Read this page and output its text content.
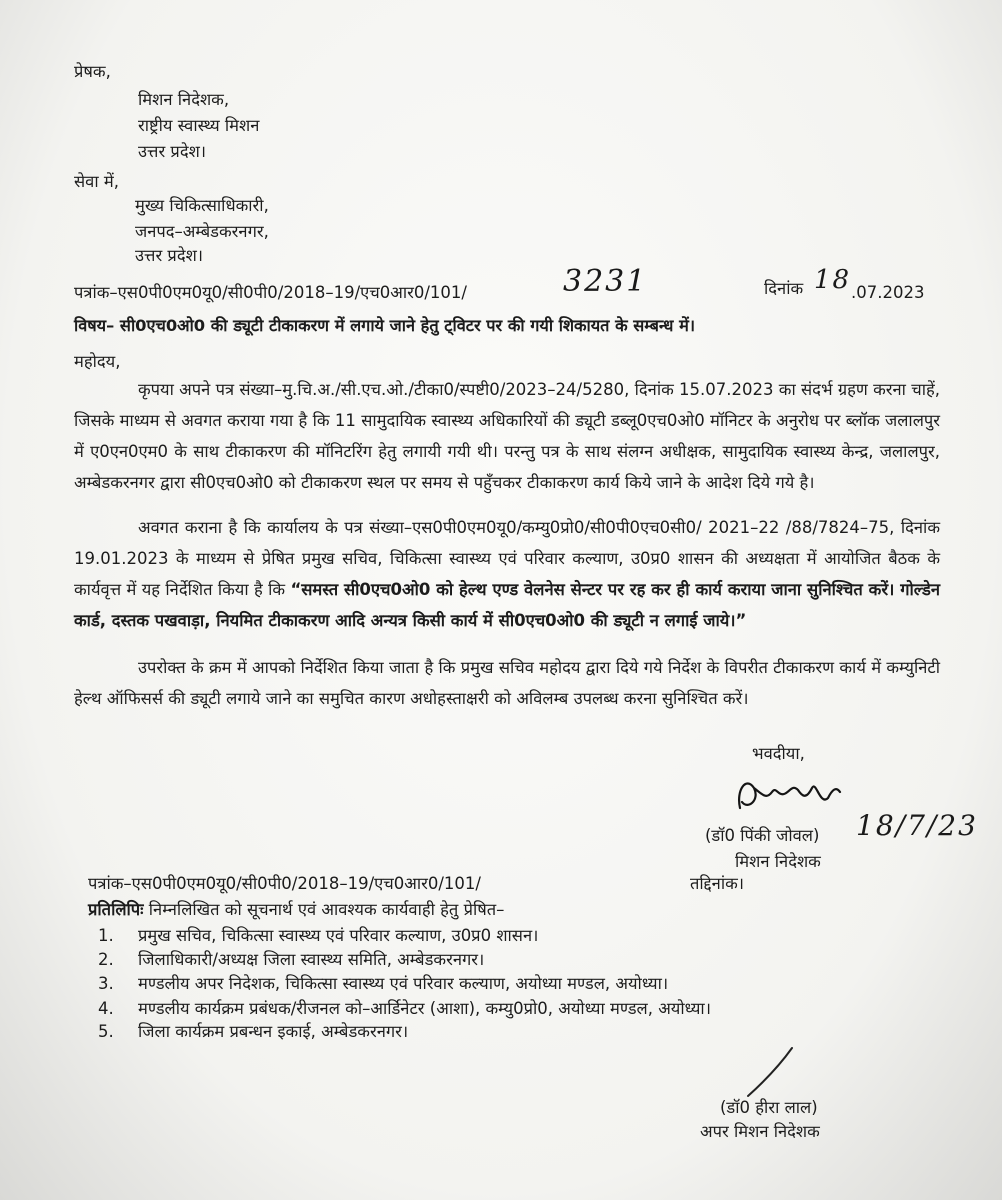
प्रेषक,
मिशन निदेशक,
राष्ट्रीय स्वास्थ्य मिशन
उत्तर प्रदेश।
सेवा में,
मुख्य चिकित्साधिकारी,
जनपद–अम्बेडकरनगर,
उत्तर प्रदेश।
पत्रांक–एस0पी0एम0यू0/सी0पी0/2018–19/एच0आर0/101/	3231	दिनांक 18 .07.2023
विषय– सी0एच0ओ0 की ड्यूटी टीकाकरण में लगाये जाने हेतु ट्विटर पर की गयी शिकायत के सम्बन्ध में।
महोदय,
कृपया अपने पत्र संख्या–मु.चि.अ./सी.एच.ओ./टीका0/स्पष्टी0/2023–24/5280, दिनांक 15.07.2023 का संदर्भ ग्रहण करना चाहें, जिसके माध्यम से अवगत कराया गया है कि 11 सामुदायिक स्वास्थ्य अधिकारियों की ड्यूटी डब्लू0एच0ओ0 मॉनिटर के अनुरोध पर ब्लॉक जलालपुर में ए0एन0एम0 के साथ टीकाकरण की मॉनिटरिंग हेतु लगायी गयी थी। परन्तु पत्र के साथ संलग्न अधीक्षक, सामुदायिक स्वास्थ्य केन्द्र, जलालपुर, अम्बेडकरनगर द्वारा सी0एच0ओ0 को टीकाकरण स्थल पर समय से पहुँचकर टीकाकरण कार्य किये जाने के आदेश दिये गये है।
अवगत कराना है कि कार्यालय के पत्र संख्या–एस0पी0एम0यू0/कम्यु0प्रो0/सी0पी0एच0सी0/ 2021–22 /88/7824–75, दिनांक 19.01.2023 के माध्यम से प्रेषित प्रमुख सचिव, चिकित्सा स्वास्थ्य एवं परिवार कल्याण, उ0प्र0 शासन की अध्यक्षता में आयोजित बैठक के कार्यवृत्त में यह निर्देशित किया है कि “समस्त सी0एच0ओ0 को हेल्थ एण्ड वेलनेस सेन्टर पर रह कर ही कार्य कराया जाना सुनिश्चित करें। गोल्डेन कार्ड, दस्तक पखवाड़ा, नियमित टीकाकरण आदि अन्यत्र किसी कार्य में सी0एच0ओ0 की ड्यूटी न लगाई जाये।”
उपरोक्त के क्रम में आपको निर्देशित किया जाता है कि प्रमुख सचिव महोदय द्वारा दिये गये निर्देश के विपरीत टीकाकरण कार्य में कम्युनिटी हेल्थ ऑफिसर्स की ड्यूटी लगाये जाने का समुचित कारण अधोहस्ताक्षरी को अविलम्ब उपलब्ध करना सुनिश्चित करें।
भवदीया,
(डॉ0 पिंकी जोवल) 18/7/23
मिशन निदेशक
पत्रांक–एस0पी0एम0यू0/सी0पी0/2018–19/एच0आर0/101/	तद्दिनांक।
प्रतिलिपिः निम्नलिखित को सूचनार्थ एवं आवश्यक कार्यवाही हेतु प्रेषित–
1. प्रमुख सचिव, चिकित्सा स्वास्थ्य एवं परिवार कल्याण, उ0प्र0 शासन।
2. जिलाधिकारी/अध्यक्ष जिला स्वास्थ्य समिति, अम्बेडकरनगर।
3. मण्डलीय अपर निदेशक, चिकित्सा स्वास्थ्य एवं परिवार कल्याण, अयोध्या मण्डल, अयोध्या।
4. मण्डलीय कार्यक्रम प्रबंधक/रीजनल को–आर्डिनेटर (आशा), कम्यु0प्रो0, अयोध्या मण्डल, अयोध्या।
5. जिला कार्यक्रम प्रबन्धन इकाई, अम्बेडकरनगर।
(डॉ0 हीरा लाल)
अपर मिशन निदेशक
